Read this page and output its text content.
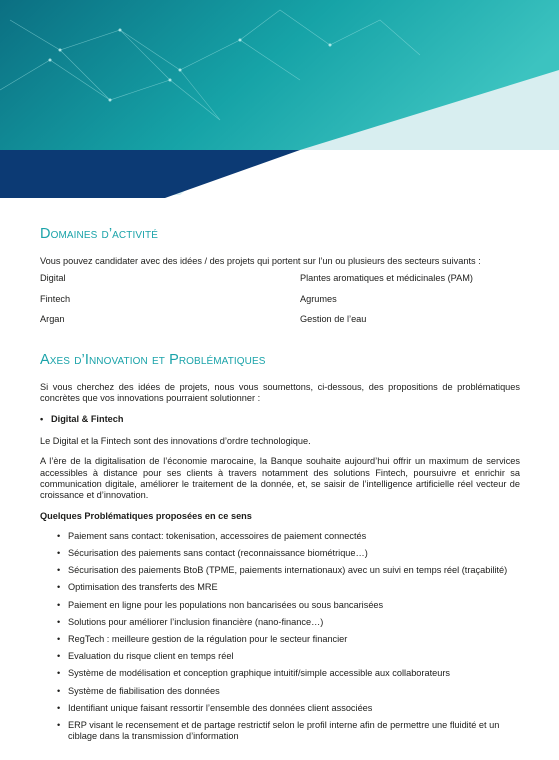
Domaines d’activité

Vous pouvez candidater avec des idées / des projets qui portent sur l’un ou plusieurs des secteurs suivants :

Digital	Plantes aromatiques et médicinales (PAM)
Fintech	Agrumes
Argan	Gestion de l’eau
Axes d’Innovation et Problématiques

Si vous cherchez des idées de projets, nous vous soumettons, ci-dessous, des propositions de problématiques concrètes que vos innovations pourraient solutionner :

• Digital & Fintech

Le Digital et la Fintech sont des innovations d’ordre technologique.

A l’ère de la digitalisation de l’économie marocaine, la Banque souhaite aujourd’hui offrir un maximum de services accessibles à distance pour ses clients à travers notamment des solutions Fintech, poursuivre et enrichir sa communication digitale, améliorer le traitement de la donnée, et, se saisir de l’intelligence artificielle réel vecteur de croissance et d’innovation.

Quelques Problématiques proposées en ce sens

• Paiement sans contact: tokenisation, accessoires de paiement connectés
• Sécurisation des paiements sans contact (reconnaissance biométrique…)
• Sécurisation des paiements BtoB (TPME, paiements internationaux) avec un suivi en temps réel (traçabilité)
• Optimisation des transferts des MRE
• Paiement en ligne pour les populations non bancarisées ou sous bancarisées
• Solutions pour améliorer l’inclusion financière (nano-finance…)
• RegTech : meilleure gestion de la régulation pour le secteur financier
• Evaluation du risque client en temps réel
• Système de modélisation et conception graphique intuitif/simple accessible aux collaborateurs
• Système de fiabilisation des données
• Identifiant unique faisant ressortir l’ensemble des données client associées
• ERP visant le recensement et de partage restrictif selon le profil interne afin de permettre une fluidité et un ciblage dans la transmission d’information
